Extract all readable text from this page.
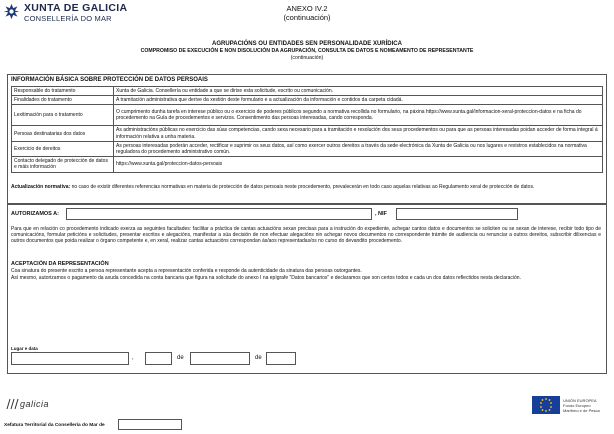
XUNTA DE GALICIA
CONSELLERÍA DO MAR
ANEXO IV.2
(continuación)
AGRUPACIÓNS OU ENTIDADES SEN PERSONALIDADE XURÍDICA
COMPROMISO DE EXECUCIÓN E NON DISOLUCIÓN DA AGRUPACIÓN, CONSULTA DE DATOS E NOMEAMENTO DE REPRESENTANTE
(continuación)
INFORMACIÓN BÁSICA SOBRE PROTECCIÓN DE DATOS PERSOAIS
Responsable do tratamento	Xunta de Galicia. Consellería ou entidade a que se dirixe esta solicitude, escrito ou comunicación.
Finalidades do tratamento	A tramitación administrativa que derive da xestión deste formulario e a actualización da información e contidos da carpeta cidadá.
Lexitimación para o tratamento	O cumprimento dunha tarefa en interese público ou o exercicio de poderes públicos segundo a normativa recollida no formulario, na páxina https://www.xunta.gal/informacion-xeral-proteccion-datos e na ficha do procedemento na Guía de procedementos e servizos. Consentimento das persoas interesadas, cando corresponda.
Persoas destinatarias dos datos	As administracións públicas no exercicio das súas competencias, cando sexa necesario para a tramitación e resolución dos seus procedementos ou para que as persoas interesadas poidan acceder de forma integral á información relativa a unha materia.
Exercicio de dereitos	As persoas interesadas poderán acceder, rectificar e suprimir os seus datos, así como exercer outros dereitos a través da sede electrónica da Xunta de Galicia ou nos lugares e rexistros establecidos na normativa reguladora do procedemento administrativo común.
Contacto delegado de protección de datos e máis información	https://www.xunta.gal/proteccion-datos-persoais
Actualización normativa: no caso de existir diferentes referencias normativas en materia de protección de datos persoais neste procedemento, prevalecerán en todo caso aquelas relativas ao Regulamento xeral de protección de datos.
AUTORIZAMOS A:	, NIF
Para que en relación co procedemento indicado exerza as seguintes facultades: facilitar a práctica de cantas actuacións sexan precisas para a instrución do expediente, achegar cantos datos e documentos se soliciten ou se sexan de interese, recibir todo tipo de comunicacións, formular peticións e solicitudes, presentar escritos e alegacións, manifestar a súa decisión de non efectuar alegacións nin achegar novos documentos no correspondente trámite de audiencia ou renunciar a outros dereitos, subscribir dilixencias e outros documentos que poida realizar o órgano competente e, en xeral, realizar cantas actuacións correspondan ás/aos representadas/os no curso do devandito procedemento.
ACEPTACIÓN DA REPRESENTACIÓN
Coa sinatura do presente escrito a persoa representante acepta a representación conferida e responde da autenticidade da sinatura das persoas outorgantes.
Así mesmo, autorizamos o pagamento da axuda concedida na conta bancaria que figura na solicitude do anexo I na epígrafe "Datos bancarios" e declaramos que son certos todos e cada un dos datos reflectidos nesta declaración.
Lugar e data
,	de	de
galicia	UNIÓN EUROPEA
Fondo Europeo
Marítimo e de Pesca
Xefatura Territorial da Consellería do Mar de
